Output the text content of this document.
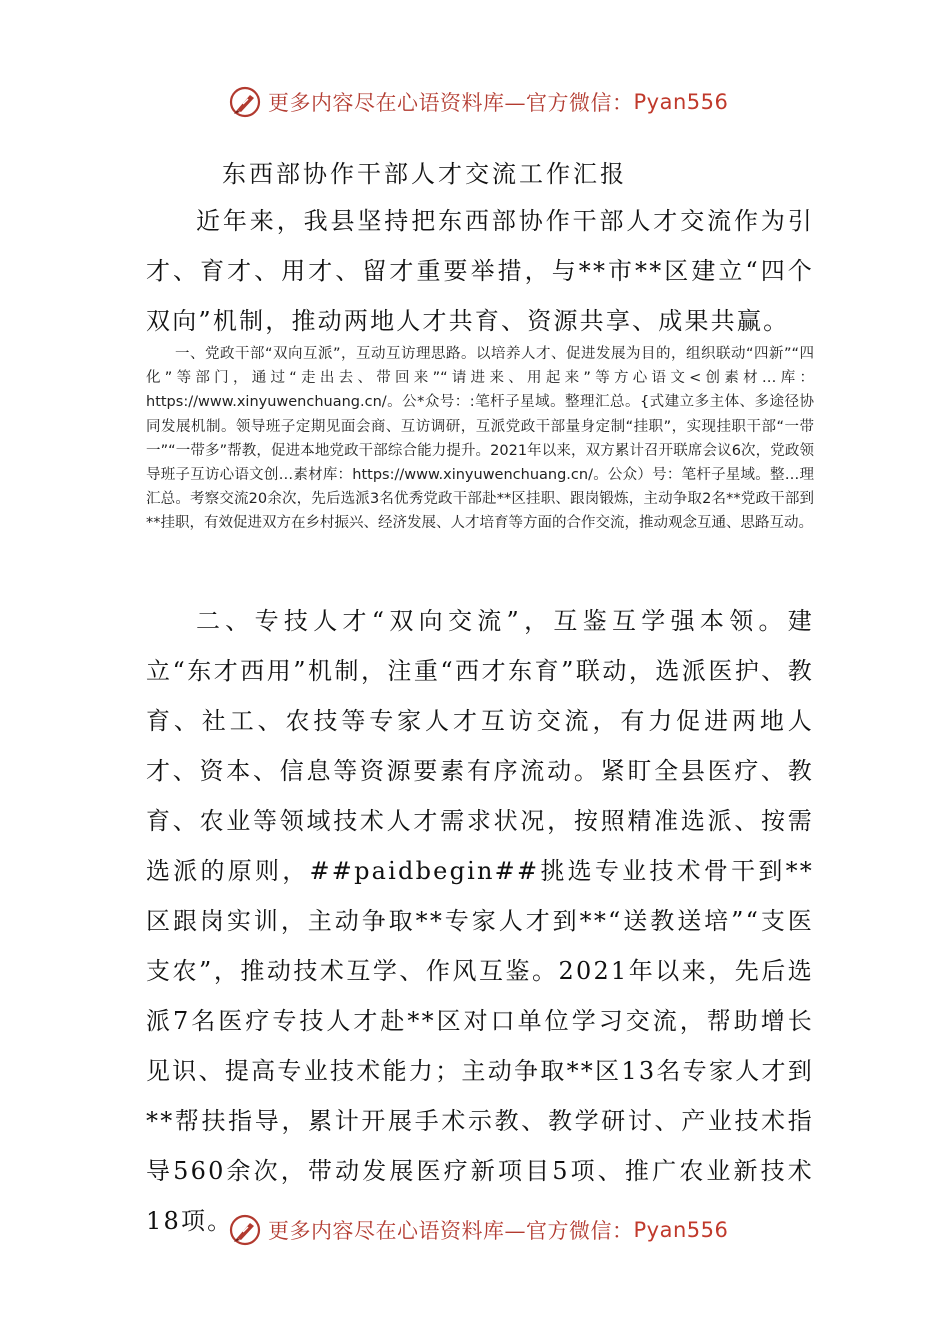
更多内容尽在心语资料库—官方微信： Pyan556
东西部协作干部人才交流工作汇报
近年来，我县坚持把东西部协作干部人才交流作为引才、育才、用才、留才重要举措，与**市**区建立“四个双向”机制，推动两地人才共育、资源共享、成果共赢。
一、党政干部“双向互派”，互动互访理思路。以培养人才、促进发展为目的，组织联动“四新”“四化”等部门，通过“走出去、带回来”“请进来、用起来”等方心语文<创素材…库：https://www.xinyuwenchuang.cn/。公*众号：:笔杆子星域。整理汇总。{式建立多主体、多途径协同发展机制。领导班子定期见面会商、互访调研，互派党政干部量身定制“挂职”，实现挂职干部“一带一”“一带多”帮教，促进本地党政干部综合能力提升。2021年以来，双方累计召开联席会议6次，党政领导班子互访心语文创…素材库：https://www.xinyuwenchuang.cn/。公众）号：笔杆子星域。整…理汇总。考察交流20余次，先后选派3名优秀党政干部赴**区挂职、跟岗锻炼，主动争取2名**党政干部到**挂职，有效促进双方在乡村振兴、经济发展、人才培育等方面的合作交流，推动观念互通、思路互动。
二、专技人才“双向交流”，互鉴互学强本领。建立“东才西用”机制，注重“西才东育”联动，选派医护、教育、社工、农技等专家人才互访交流，有力促进两地人才、资本、信息等资源要素有序流动。紧盯全县医疗、教育、农业等领域技术人才需求状况，按照精准选派、按需选派的原则，##paidbegin##挑选专业技术骨干到**区跟岗实训，主动争取**专家人才到**“送教送培”“支医支农”，推动技术互学、作风互鉴。2021年以来，先后选派7名医疗专技人才赴**区对口单位学习交流，帮助增长见识、提高专业技术能力；主动争取**区13名专家人才到**帮扶指导，累计开展手术示教、教学研讨、产业技术指导560余次，带动发展医疗新项目5项、推广农业新技术18项。	更多内容尽在心语资料库—官方微信： Pyan556
